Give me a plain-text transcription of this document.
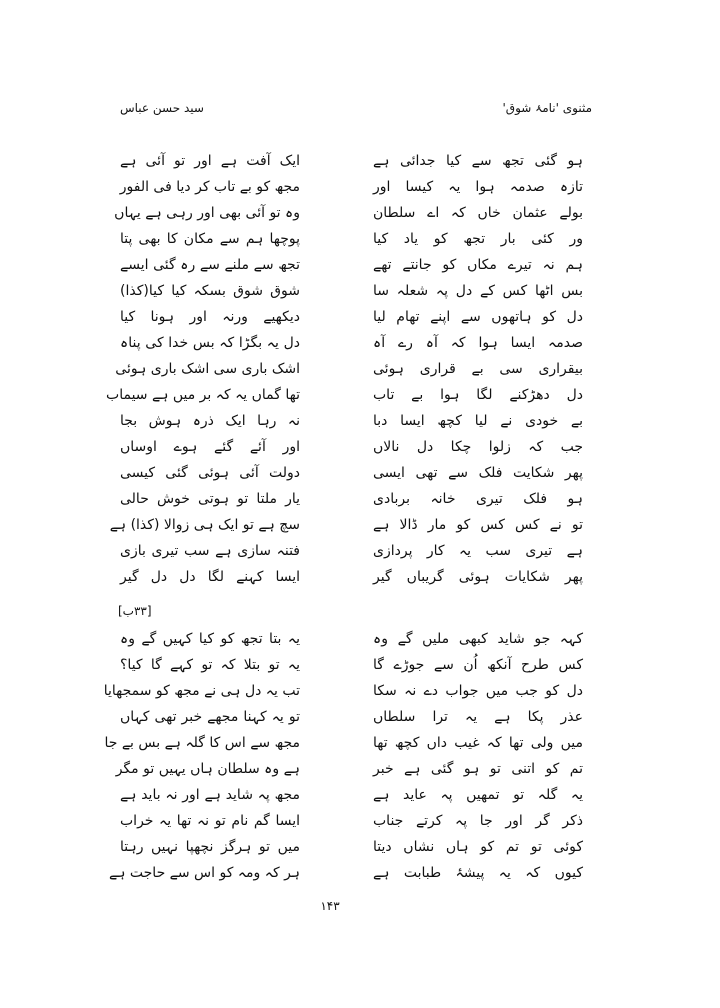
مثنوی 'نامۂ شوق'
سید حسن عباس
ہو گئی تجھ سے کیا جدائی ہے
ایک آفت ہے اور تو آئی ہے
تازہ صدمہ ہوا یہ کیسا اور
مجھ کو بے تاب کر دیا فی الفور
بولے عثمان خاں کہ اے سلطان
وہ تو آئی بھی اور رہی ہے یہاں
ور کئی بار تجھ کو یاد کیا
پوچھا ہم سے مکان کا بھی پتا
ہم نہ تیرے مکاں کو جانتے تھے
تجھ سے ملنے سے رہ گئی ایسے
بس اٹھا کس کے دل پہ شعلہ سا
شوق شوق بسکہ کیا کیا(کذا)
دل کو ہاتھوں سے اپنے تھام لیا
دیکھیے ورنہ اور ہونا کیا
صدمہ ایسا ہوا کہ آہ رے آہ
دل یہ بگڑا کہ بس خدا کی پناہ
بیقراری سی بے قراری ہوئی
اشک باری سی اشک باری ہوئی
دل دھڑکنے لگا ہوا بے تاب
تھا گماں یہ کہ بر میں ہے سیماب
بے خودی نے لیا کچھ ایسا دبا
نہ رہا ایک ذرہ ہوش بجا
جب کہ زلوا چکا دل نالاں
اور آئے گئے ہوے اوساں
پھر شکایت فلک سے تھی ایسی
دولت آئی ہوئی گئی کیسی
ہو فلک تیری خانہ بربادی
یار ملتا تو ہوتی خوش حالی
تو نے کس کس کو مار ڈالا ہے
سچ ہے تو ایک ہی زوالا (کذا) ہے
ہے تیری سب یہ کار پردازی
فتنہ سازی ہے سب تیری بازی
پھر شکایات ہوئی گریباں گیر
ایسا کہنے لگا دل دل گیر
[۳۳ب]
کہہ جو شاید کبھی ملیں گے وہ
یہ بتا تجھ کو کیا کہیں گے وہ
کس طرح آنکھ اُن سے جوڑے گا
یہ تو بتلا کہ تو کہے گا کیا؟
دل کو جب میں جواب دے نہ سکا
تب یہ دل ہی نے مجھ کو سمجھایا
عذر پکا ہے یہ ترا سلطاں
تو یہ کہنا مجھے خبر تھی کہاں
میں ولی تھا کہ غیب داں کچھ تھا
مجھ سے اس کا گلہ ہے بس بے جا
تم کو اتنی تو ہو گئی ہے خبر
ہے وہ سلطان ہاں یہیں تو مگر
یہ گلہ تو تمھیں پہ عاید ہے
مجھ پہ شاید ہے اور نہ باید ہے
ذکر گر اور جا پہ کرتے جناب
ایسا گم نام تو نہ تھا یہ خراب
کوئی تو تم کو ہاں نشاں دیتا
میں تو ہرگز نچھپا نہیں رہتا
کیوں کہ یہ پیشۂ طبابت ہے
ہر کہ ومہ کو اس سے حاجت ہے
۱۴۳
